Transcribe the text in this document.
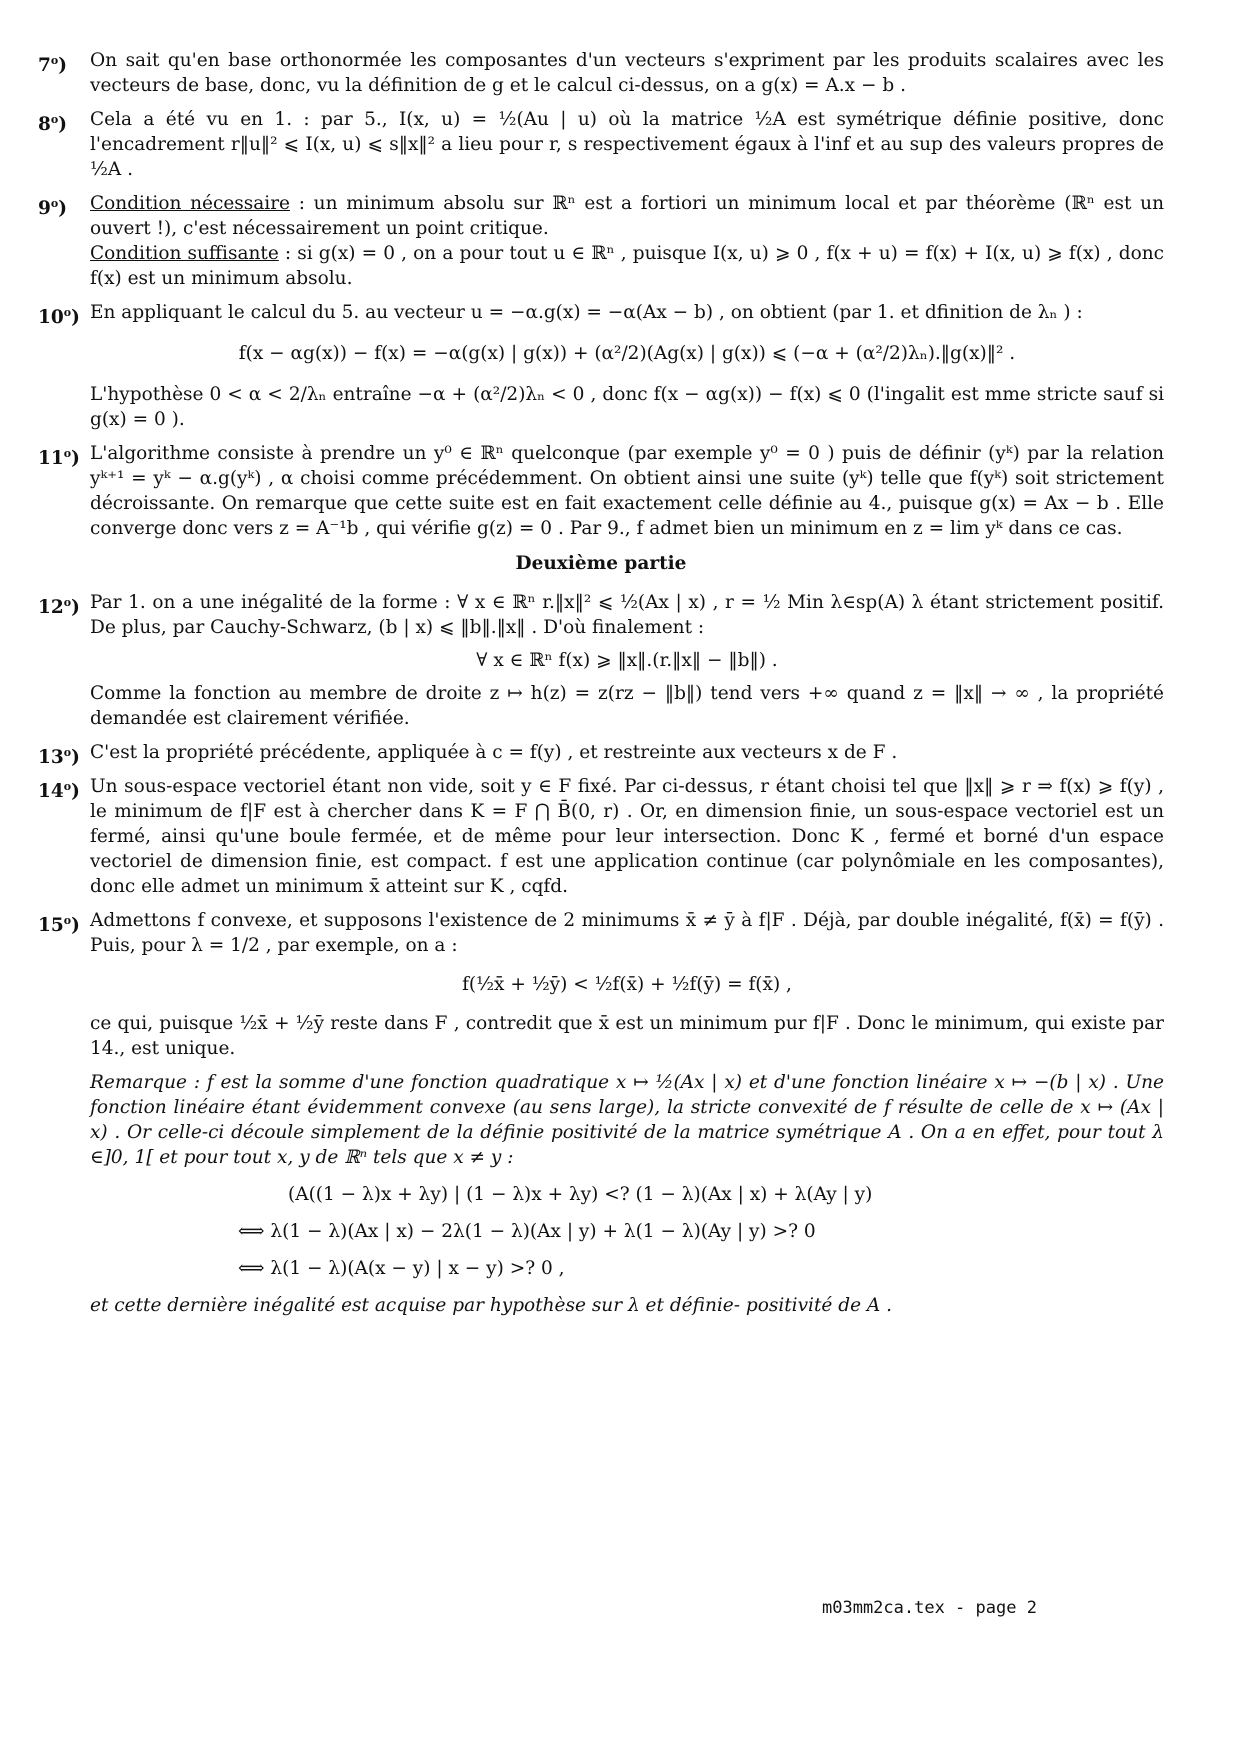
7$^o$) On sait qu'en base orthonormée les composantes d'un vecteurs s'expriment par les produits scalaires avec les vecteurs de base, donc, vu la définition de g et le calcul ci-dessus, on a g(x) = A.x − b .

8$^o$) Cela a été vu en 1. : par 5., I(x, u) = ½(Au | u) où la matrice ½A est symétrique définie positive, donc l'encadrement r‖u‖² ⩽ I(x, u) ⩽ s‖x‖² a lieu pour r, s respectivement égaux à l'inf et au sup des valeurs propres de ½A .

9$^o$) Condition nécessaire : un minimum absolu sur ℝⁿ est a fortiori un minimum local et par théorème (ℝⁿ est un ouvert !), c'est nécessairement un point critique.

Condition suffisante : si g(x) = 0 , on a pour tout u ∈ ℝⁿ , puisque I(x, u) ⩾ 0 , f(x + u) = f(x) + I(x, u) ⩾ f(x) , donc f(x) est un minimum absolu.

10$^o$) En appliquant le calcul du 5. au vecteur u = −α.g(x) = −α(Ax − b) , on obtient (par 1. et dfinition de λₙ ) :

f(x − αg(x)) − f(x) = −α(g(x) | g(x)) + (α²/2)(Ag(x) | g(x)) ⩽ (−α + (α²/2)λₙ).‖g(x)‖² .

L'hypothèse 0 < α < 2/λₙ entraîne −α + (α²/2)λₙ < 0 , donc f(x − αg(x)) − f(x) ⩽ 0 (l'ingalit est mme stricte sauf si g(x) = 0 ).

11$^o$) L'algorithme consiste à prendre un y⁰ ∈ ℝⁿ quelconque (par exemple y⁰ = 0 ) puis de définir (yᵏ) par la relation yᵏ⁺¹ = yᵏ − α.g(yᵏ) , α choisi comme précédemment. On obtient ainsi une suite (yᵏ) telle que f(yᵏ) soit strictement décroissante. On remarque que cette suite est en fait exactement celle définie au 4., puisque g(x) = Ax − b . Elle converge donc vers z = A⁻¹b , qui vérifie g(z) = 0 . Par 9., f admet bien un minimum en z = lim yᵏ dans ce cas.

Deuxième partie
12$^o$) Par 1. on a une inégalité de la forme : ∀ x ∈ ℝⁿ r.‖x‖² ⩽ ½(Ax | x) , r = ½ Min λ∈sp(A) λ étant strictement positif. De plus, par Cauchy-Schwarz, (b | x) ⩽ ‖b‖.‖x‖ . D'où finalement :

∀ x ∈ ℝⁿ f(x) ⩾ ‖x‖.(r.‖x‖ − ‖b‖) .

Comme la fonction au membre de droite z ↦ h(z) = z(rz − ‖b‖) tend vers +∞ quand z = ‖x‖ → ∞ , la propriété demandée est clairement vérifiée.

13$^o$) C'est la propriété précédente, appliquée à c = f(y) , et restreinte aux vecteurs x de F .

14$^o$) Un sous-espace vectoriel étant non vide, soit y ∈ F fixé. Par ci-dessus, r étant choisi tel que ‖x‖ ⩾ r ⇒ f(x) ⩾ f(y) , le minimum de f|F est à chercher dans K = F ⋂ B̄(0, r) . Or, en dimension finie, un sous-espace vectoriel est un fermé, ainsi qu'une boule fermée, et de même pour leur intersection. Donc K , fermé et borné d'un espace vectoriel de dimension finie, est compact. f est une application continue (car polynômiale en les composantes), donc elle admet un minimum x̄ atteint sur K , cqfd.

15$^o$) Admettons f convexe, et supposons l'existence de 2 minimums x̄ ≠ ȳ à f|F . Déjà, par double inégalité, f(x̄) = f(ȳ) . Puis, pour λ = 1/2 , par exemple, on a :

f(½x̄ + ½ȳ) < ½f(x̄) + ½f(ȳ) = f(x̄) ,

ce qui, puisque ½x̄ + ½ȳ reste dans F , contredit que x̄ est un minimum pur f|F . Donc le minimum, qui existe par 14., est unique.

Remarque : f est la somme d'une fonction quadratique x ↦ ½(Ax | x) et d'une fonction linéaire x ↦ −(b | x) . Une fonction linéaire étant évidemment convexe (au sens large), la stricte convexité de f résulte de celle de x ↦ (Ax | x) . Or celle-ci découle simplement de la définie positivité de la matrice symétrique A . On a en effet, pour tout λ ∈]0, 1[ et pour tout x, y de ℝⁿ tels que x ≠ y :

(A((1 − λ)x + λy) | (1 − λ)x + λy) <? (1 − λ)(Ax | x) + λ(Ay | y)
⟺ λ(1 − λ)(Ax | x) − 2λ(1 − λ)(Ax | y) + λ(1 − λ)(Ay | y) >? 0
⟺ λ(1 − λ)(A(x − y) | x − y) >? 0 ,
et cette dernière inégalité est acquise par hypothèse sur λ et définie- positivité de A .
m03mm2ca.tex - page 2
